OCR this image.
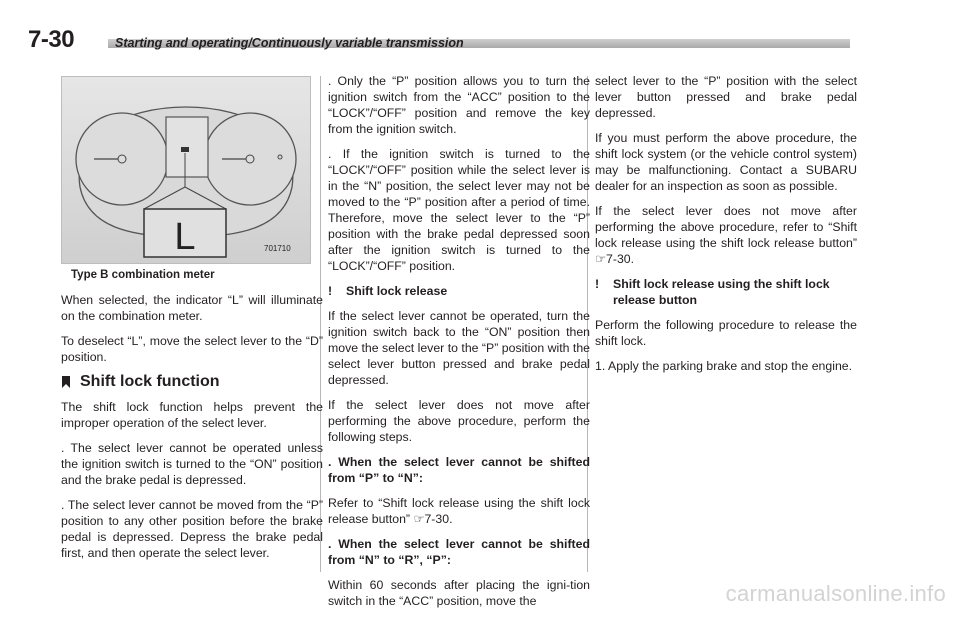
7-30	Starting and operating/Continuously variable transmission
L	701710
Type B combination meter

When selected, the indicator “L” will illuminate on the combination meter.

To deselect “L”, move the select lever to the “D” position.

Shift lock function

The shift lock function helps prevent the improper operation of the select lever.

. The select lever cannot be operated unless the ignition switch is turned to the “ON” position and the brake pedal is depressed.

. The select lever cannot be moved from the “P” position to any other position before the brake pedal is depressed. Depress the brake pedal first, and then operate the select lever.

. Only the “P” position allows you to turn the ignition switch from the “ACC” position to the “LOCK”/“OFF” position and remove the key from the ignition switch.

. If the ignition switch is turned to the “LOCK”/“OFF” position while the select lever is in the “N” position, the select lever may not be moved to the “P” position after a period of time. Therefore, move the select lever to the “P” position with the brake pedal depressed soon after the ignition switch is turned to the “LOCK”/“OFF” position.

!	Shift lock release

If the select lever cannot be operated, turn the ignition switch back to the “ON” position then move the select lever to the “P” position with the select lever button pressed and brake pedal depressed.

If the select lever does not move after performing the above procedure, perform the following steps.

. When the select lever cannot be shifted from “P” to “N”:

Refer to “Shift lock release using the shift lock release button” ☞7-30.

. When the select lever cannot be shifted from “N” to “R”, “P”:

Within 60 seconds after placing the igni-tion switch in the “ACC” position, move the

select lever to the “P” position with the select lever button pressed and brake pedal depressed.

If you must perform the above procedure, the shift lock system (or the vehicle control system) may be malfunctioning. Contact a SUBARU dealer for an inspection as soon as possible.

If the select lever does not move after performing the above procedure, refer to “Shift lock release using the shift lock release button” ☞7-30.

!	Shift lock release using the shift lock release button

Perform the following procedure to release the shift lock.

1. Apply the parking brake and stop the engine.

carmanualsonline.info
